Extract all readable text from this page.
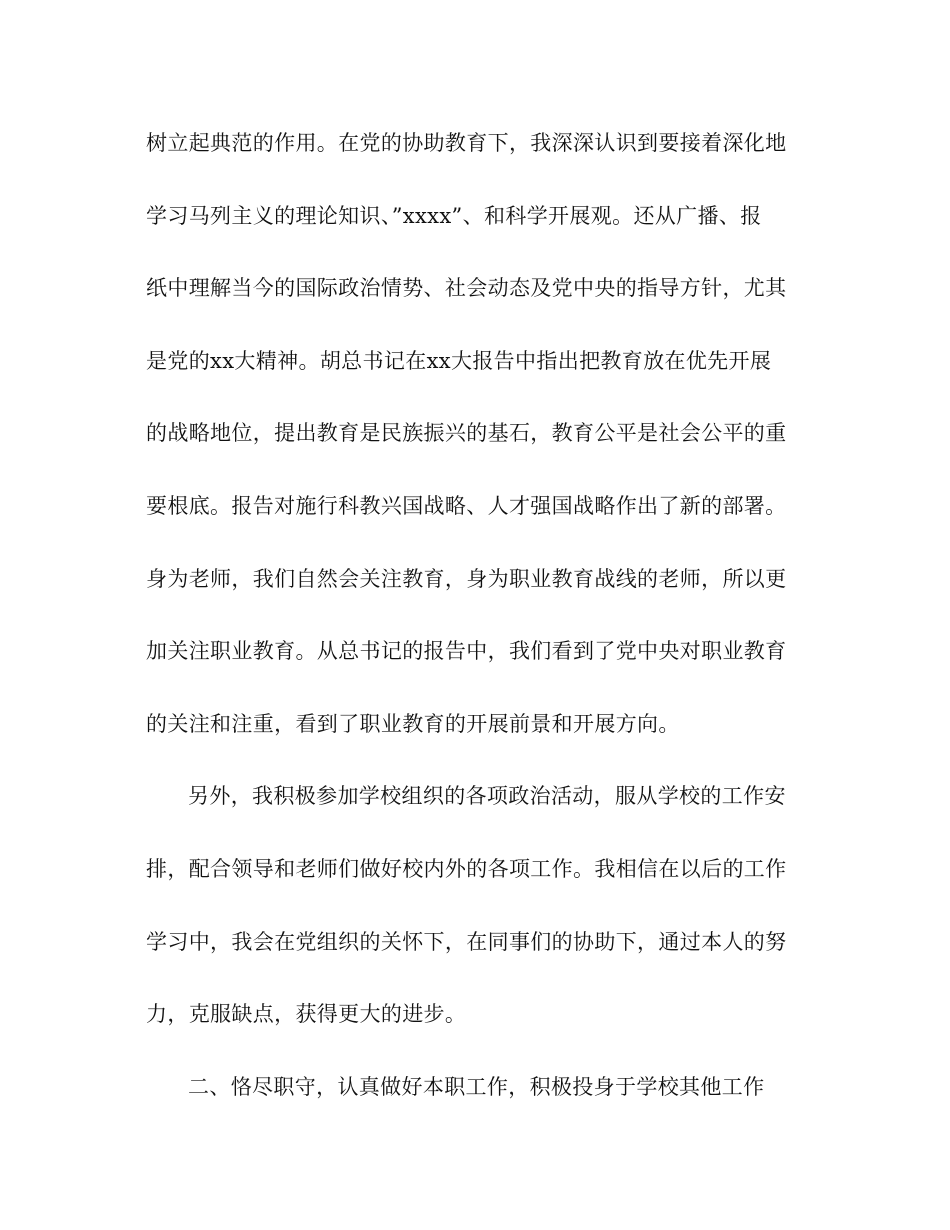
树立起典范的作用。在党的协助教育下，我深深认识到要接着深化地
学习马列主义的理论知识、”xxxx”、和科学开展观。还从广播、报
纸中理解当今的国际政治情势、社会动态及党中央的指导方针，尤其
是党的xx大精神。胡总书记在xx大报告中指出把教育放在优先开展
的战略地位，提出教育是民族振兴的基石，教育公平是社会公平的重
要根底。报告对施行科教兴国战略、人才强国战略作出了新的部署。
身为老师，我们自然会关注教育，身为职业教育战线的老师，所以更
加关注职业教育。从总书记的报告中，我们看到了党中央对职业教育
的关注和注重，看到了职业教育的开展前景和开展方向。
另外，我积极参加学校组织的各项政治活动，服从学校的工作安
排，配合领导和老师们做好校内外的各项工作。我相信在以后的工作
学习中，我会在党组织的关怀下，在同事们的协助下，通过本人的努
力，克服缺点，获得更大的进步。
二、恪尽职守，认真做好本职工作，积极投身于学校其他工作
